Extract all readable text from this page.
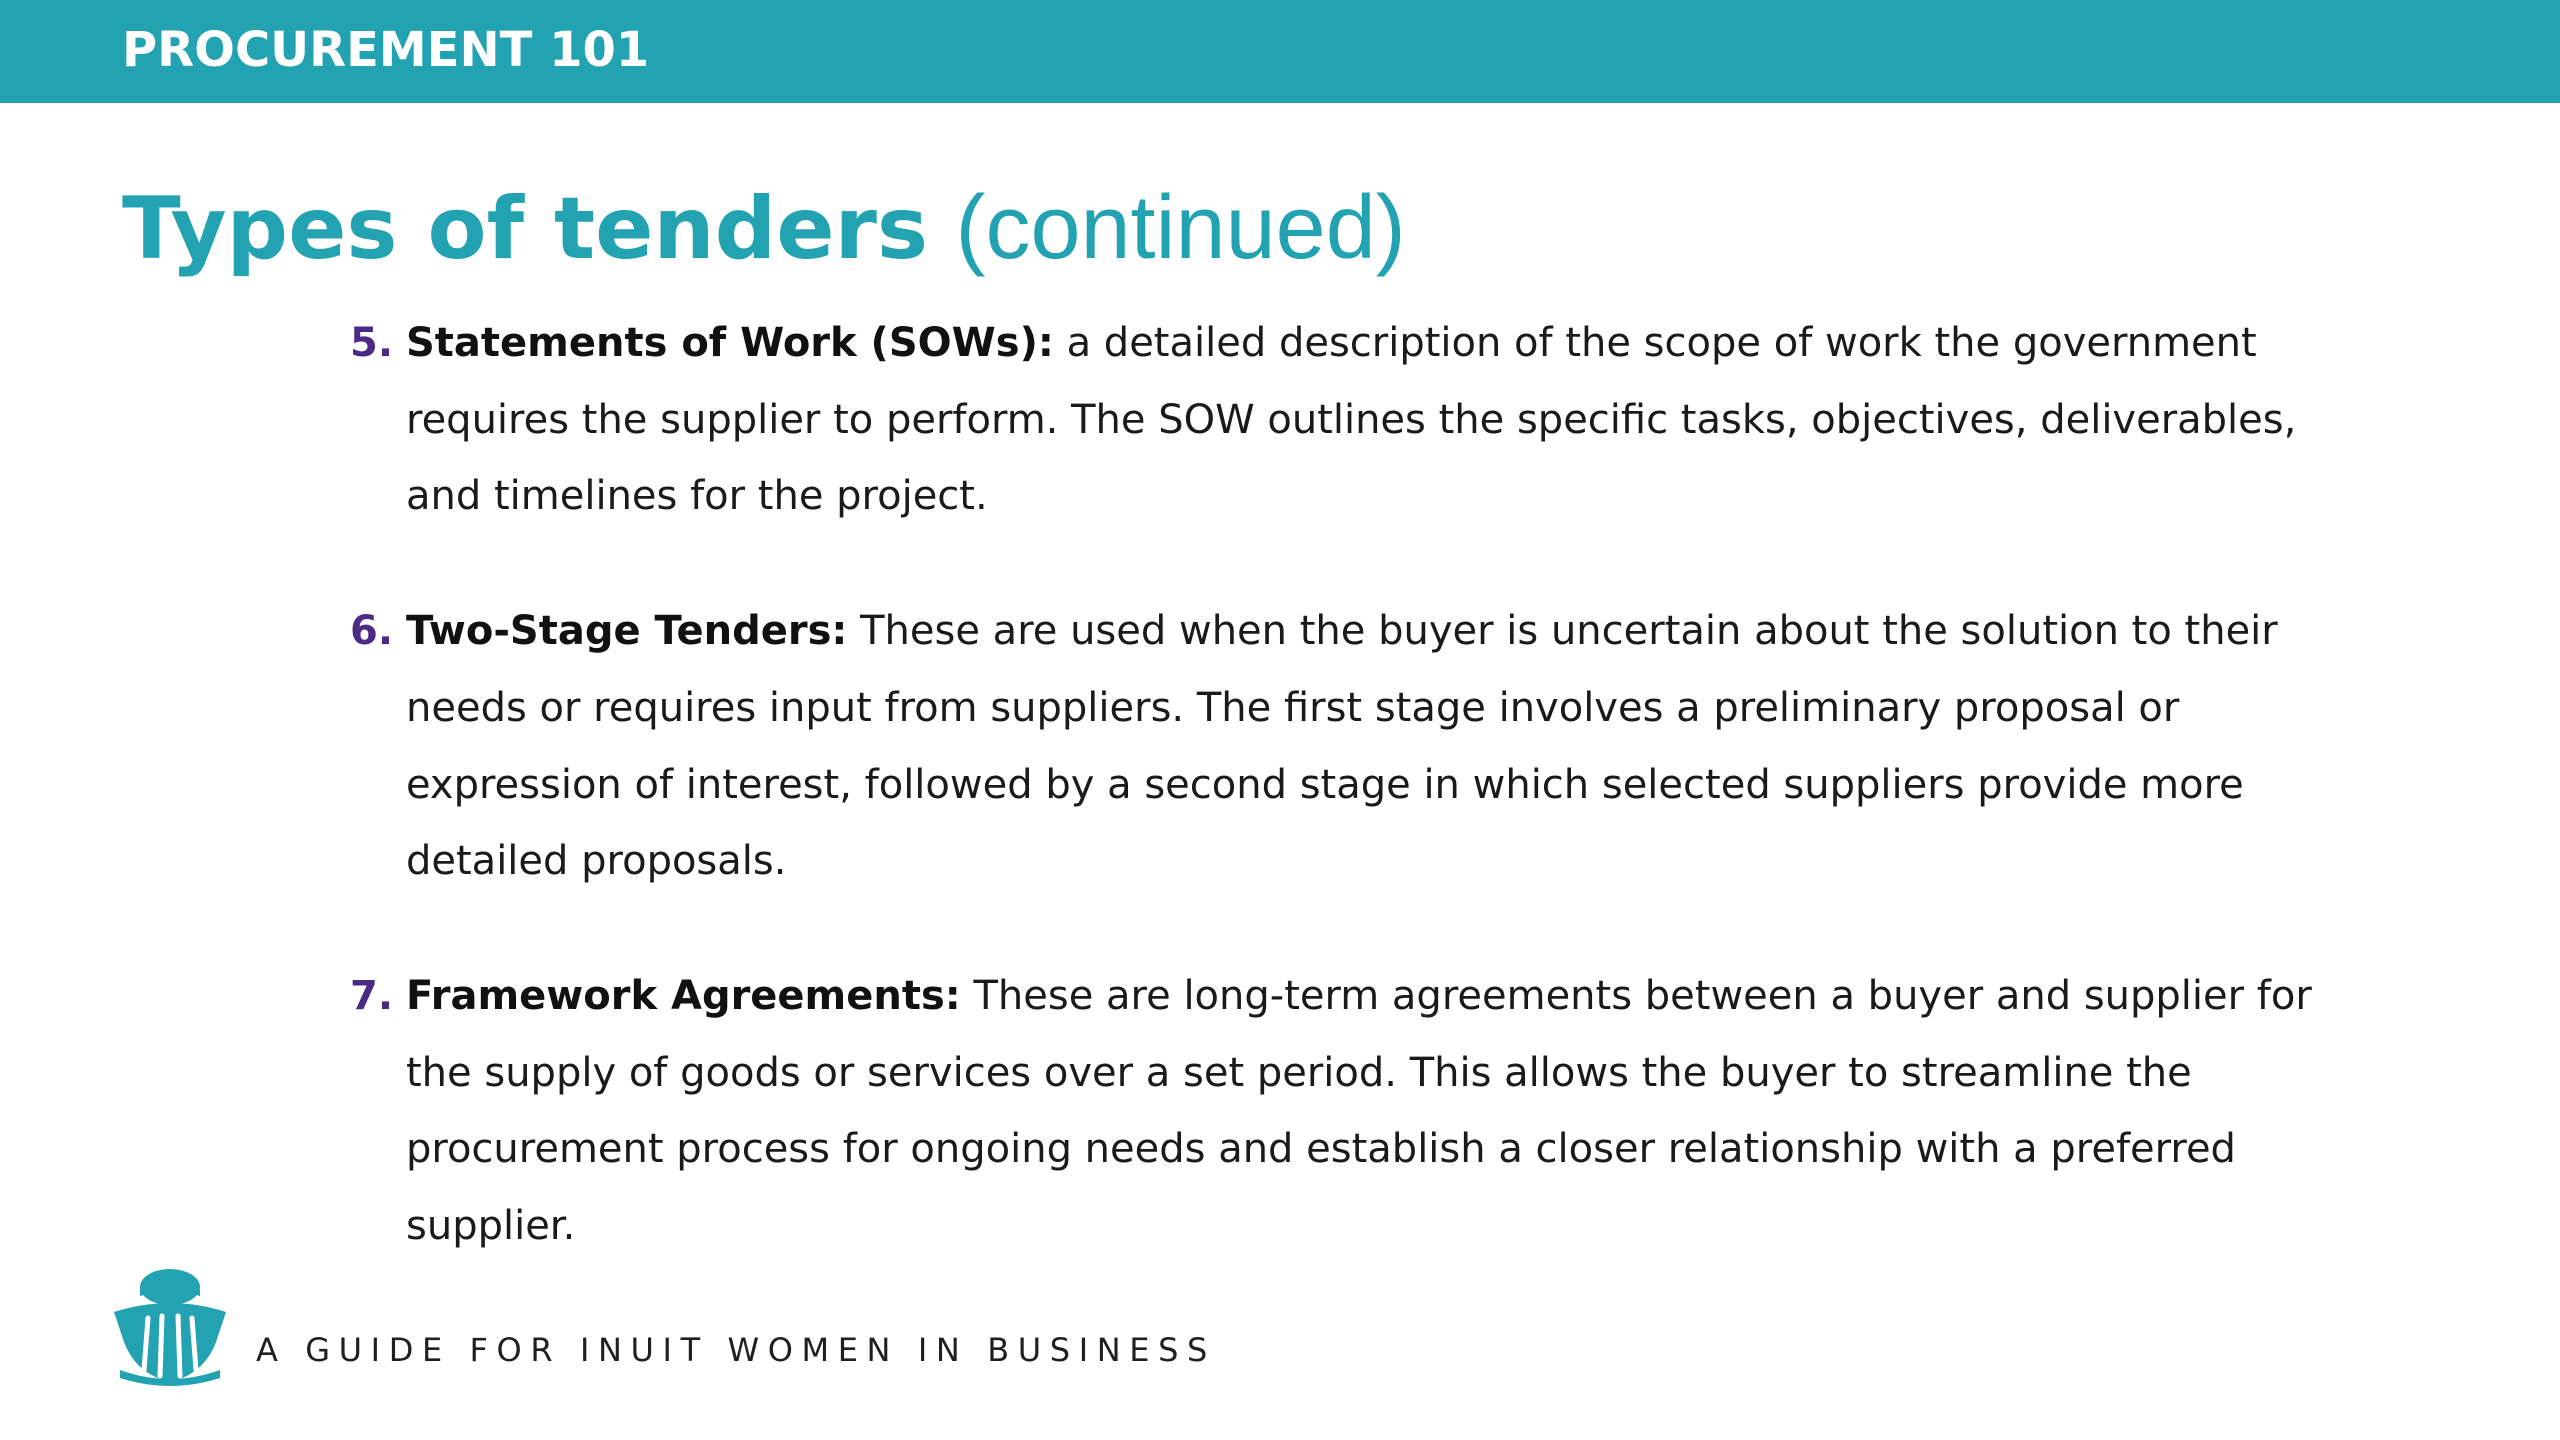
PROCUREMENT 101
Types of tenders (continued)
5. Statements of Work (SOWs): a detailed description of the scope of work the government requires the supplier to perform. The SOW outlines the specific tasks, objectives, deliverables, and timelines for the project.
6. Two-Stage Tenders: These are used when the buyer is uncertain about the solution to their needs or requires input from suppliers. The first stage involves a preliminary proposal or expression of interest, followed by a second stage in which selected suppliers provide more detailed proposals.
7. Framework Agreements: These are long-term agreements between a buyer and supplier for the supply of goods or services over a set period. This allows the buyer to streamline the procurement process for ongoing needs and establish a closer relationship with a preferred supplier.
A GUIDE FOR INUIT WOMEN IN BUSINESS
